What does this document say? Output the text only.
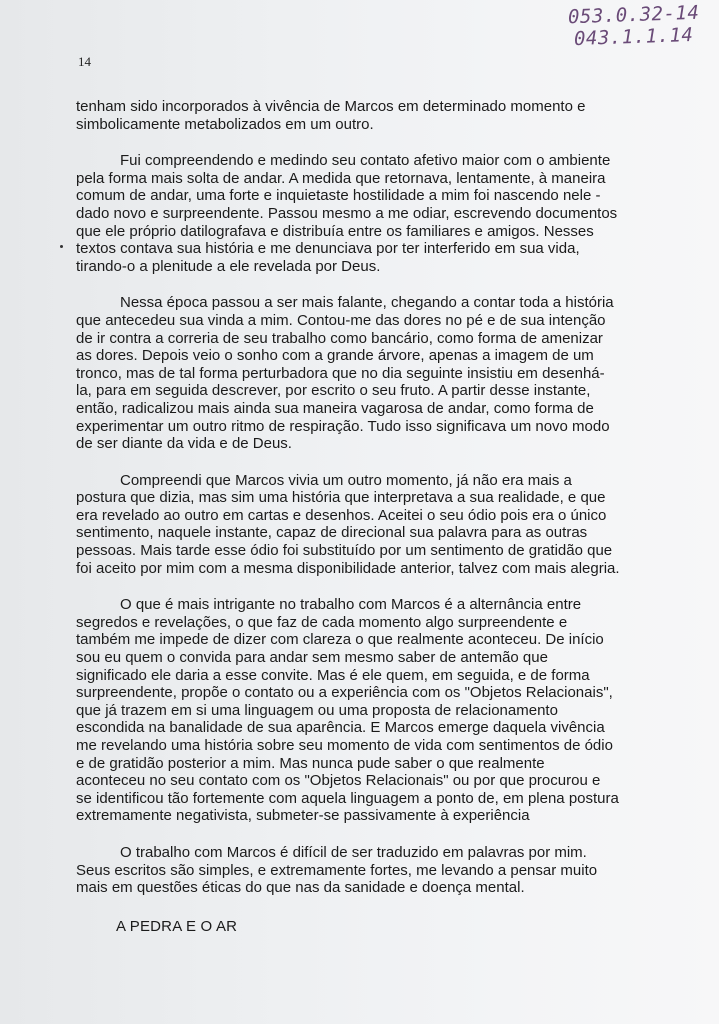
053.0.32-14
043.1.1.14
14

tenham sido incorporados à vivência de Marcos em determinado momento e
simbolicamente metabolizados em um outro.

Fui compreendendo e medindo seu contato afetivo maior com o ambiente
pela forma mais solta de andar. A medida que retornava, lentamente, à maneira
comum de andar, uma forte e inquietaste hostilidade a mim foi nascendo nele -
dado novo e surpreendente. Passou mesmo a me odiar, escrevendo documentos
que ele próprio datilografava e distribuía entre os familiares e amigos. Nesses
textos contava sua história e me denunciava por ter interferido em sua vida,
tirando-o a plenitude a ele revelada por Deus.

Nessa época passou a ser mais falante, chegando a contar toda a história
que antecedeu sua vinda a mim. Contou-me das dores no pé e de sua intenção
de ir contra a correria de seu trabalho como bancário, como forma de amenizar
as dores. Depois veio o sonho com a grande árvore, apenas a imagem de um
tronco, mas de tal forma perturbadora que no dia seguinte insistiu em desenhá-
la, para em seguida descrever, por escrito o seu fruto. A partir desse instante,
então, radicalizou mais ainda sua maneira vagarosa de andar, como forma de
experimentar um outro ritmo de respiração. Tudo isso significava um novo modo
de ser diante da vida e de Deus.

Compreendi que Marcos vivia um outro momento, já não era mais a
postura que dizia, mas sim uma história que interpretava a sua realidade, e que
era revelado ao outro em cartas e desenhos. Aceitei o seu ódio pois era o único
sentimento, naquele instante, capaz de direcional sua palavra para as outras
pessoas. Mais tarde esse ódio foi substituído por um sentimento de gratidão que
foi aceito por mim com a mesma disponibilidade anterior, talvez com mais alegria.

O que é mais intrigante no trabalho com Marcos é a alternância entre
segredos e revelações, o que faz de cada momento algo surpreendente e
também me impede de dizer com clareza o que realmente aconteceu. De início
sou eu quem o convida para andar sem mesmo saber de antemão que
significado ele daria a esse convite. Mas é ele quem, em seguida, e de forma
surpreendente, propõe o contato ou a experiência com os "Objetos Relacionais",
que já trazem em si uma linguagem ou uma proposta de relacionamento
escondida na banalidade de sua aparência. E Marcos emerge daquela vivência
me revelando uma história sobre seu momento de vida com sentimentos de ódio
e de gratidão posterior a mim. Mas nunca pude saber o que realmente
aconteceu no seu contato com os "Objetos Relacionais" ou por que procurou e
se identificou tão fortemente com aquela linguagem a ponto de, em plena postura
extremamente negativista, submeter-se passivamente à experiência

O trabalho com Marcos é difícil de ser traduzido em palavras por mim.
Seus escritos são simples, e extremamente fortes, me levando a pensar muito
mais em questões éticas do que nas da sanidade e doença mental.

A PEDRA E O AR
